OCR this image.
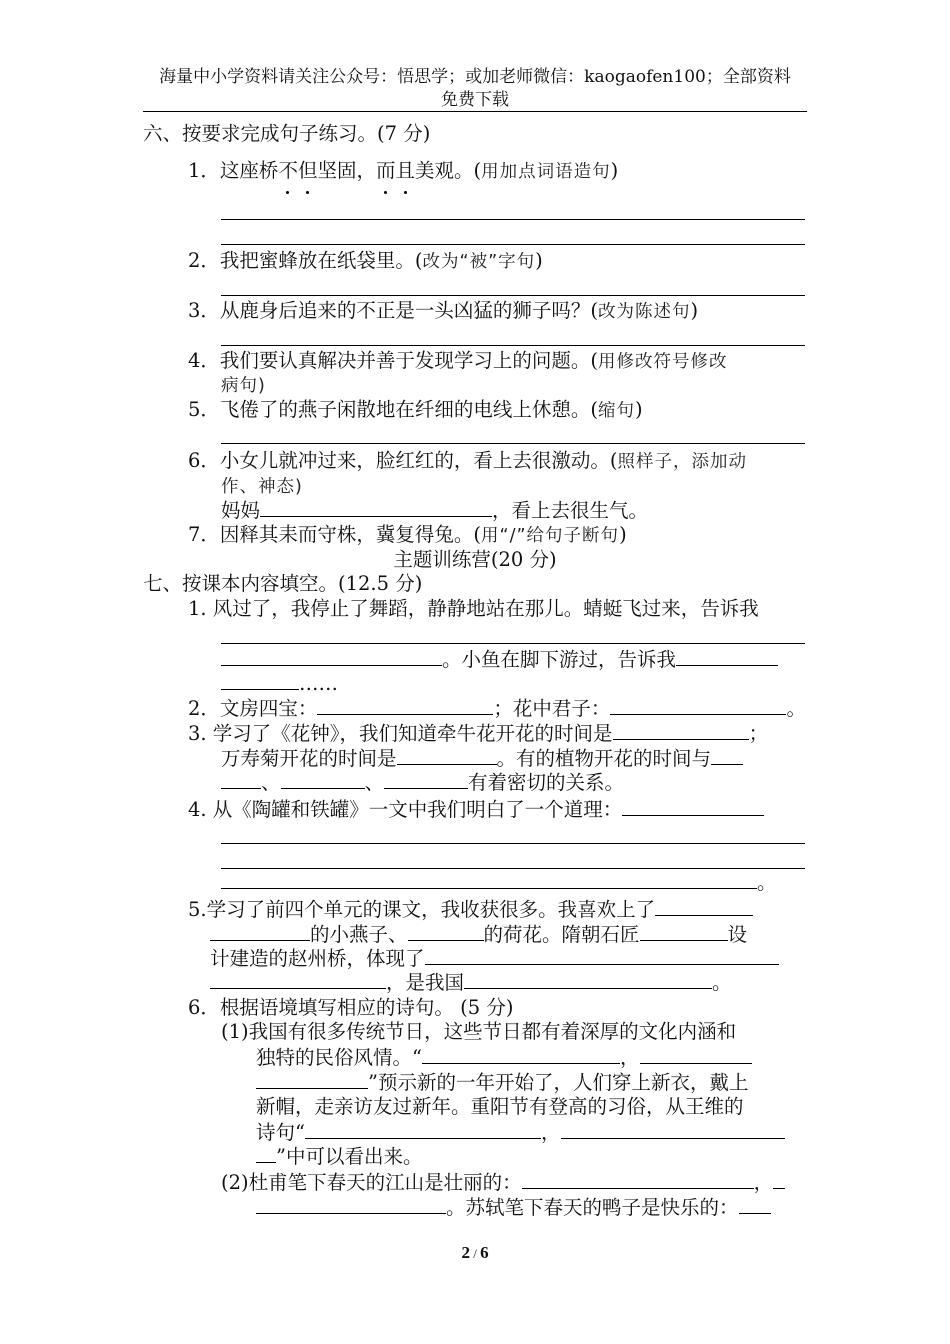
海量中小学资料请关注公众号：悟思学；或加老师微信：kaogaofen100；全部资料
免费下载
六、按要求完成句子练习。(7 分)
1．这座桥不但
坚固，而且
美观。(用加点词语造句)
2．我把蜜蜂放在纸袋里。(改为“被”字句)
3．从鹿身后追来的不正是一头凶猛的狮子吗？(改为陈述句)
4．我们要认真解决并善于发现学习上的问题。(用修改符号修改
病句)
5．飞倦了的燕子闲散地在纤细的电线上休憩。(缩句)
6．小女儿就冲过来，脸红红的，看上去很激动。(照样子，添加动
作、神态)
妈妈	，看上去很生气。
7．因释其耒而守株，冀复得兔。(用“/”给句子断句)
主题训练营(20 分)
七、按课本内容填空。(12.5 分)
1. 风过了，我停止了舞蹈，静静地站在那儿。蜻蜓飞过来，告诉我
。小鱼在脚下游过，告诉我
……
2．文房四宝：	；花中君子：	。
3. 学习了《花钟》，我们知道牵牛花开花的时间是	；
万寿菊开花的时间是	。有的植物开花的时间与
、	、	有着密切的关系。
4. 从《陶罐和铁罐》一文中我们明白了一个道理：
。
5.学习了前四个单元的课文，我收获很多。我喜欢上了
的小燕子、	的荷花。隋朝石匠	设
计建造的赵州桥，体现了
，是我国	。
6．根据语境填写相应的诗句。 (5 分)
(1)我国有很多传统节日，这些节日都有着深厚的文化内涵和
独特的民俗风情。“	，
”预示新的一年开始了，人们穿上新衣，戴上
新帽，走亲访友过新年。重阳节有登高的习俗，从王维的
诗句“	，
”中可以看出来。
(2)杜甫笔下春天的江山是壮丽的：	，
。苏轼笔下春天的鸭子是快乐的：
2 / 6
